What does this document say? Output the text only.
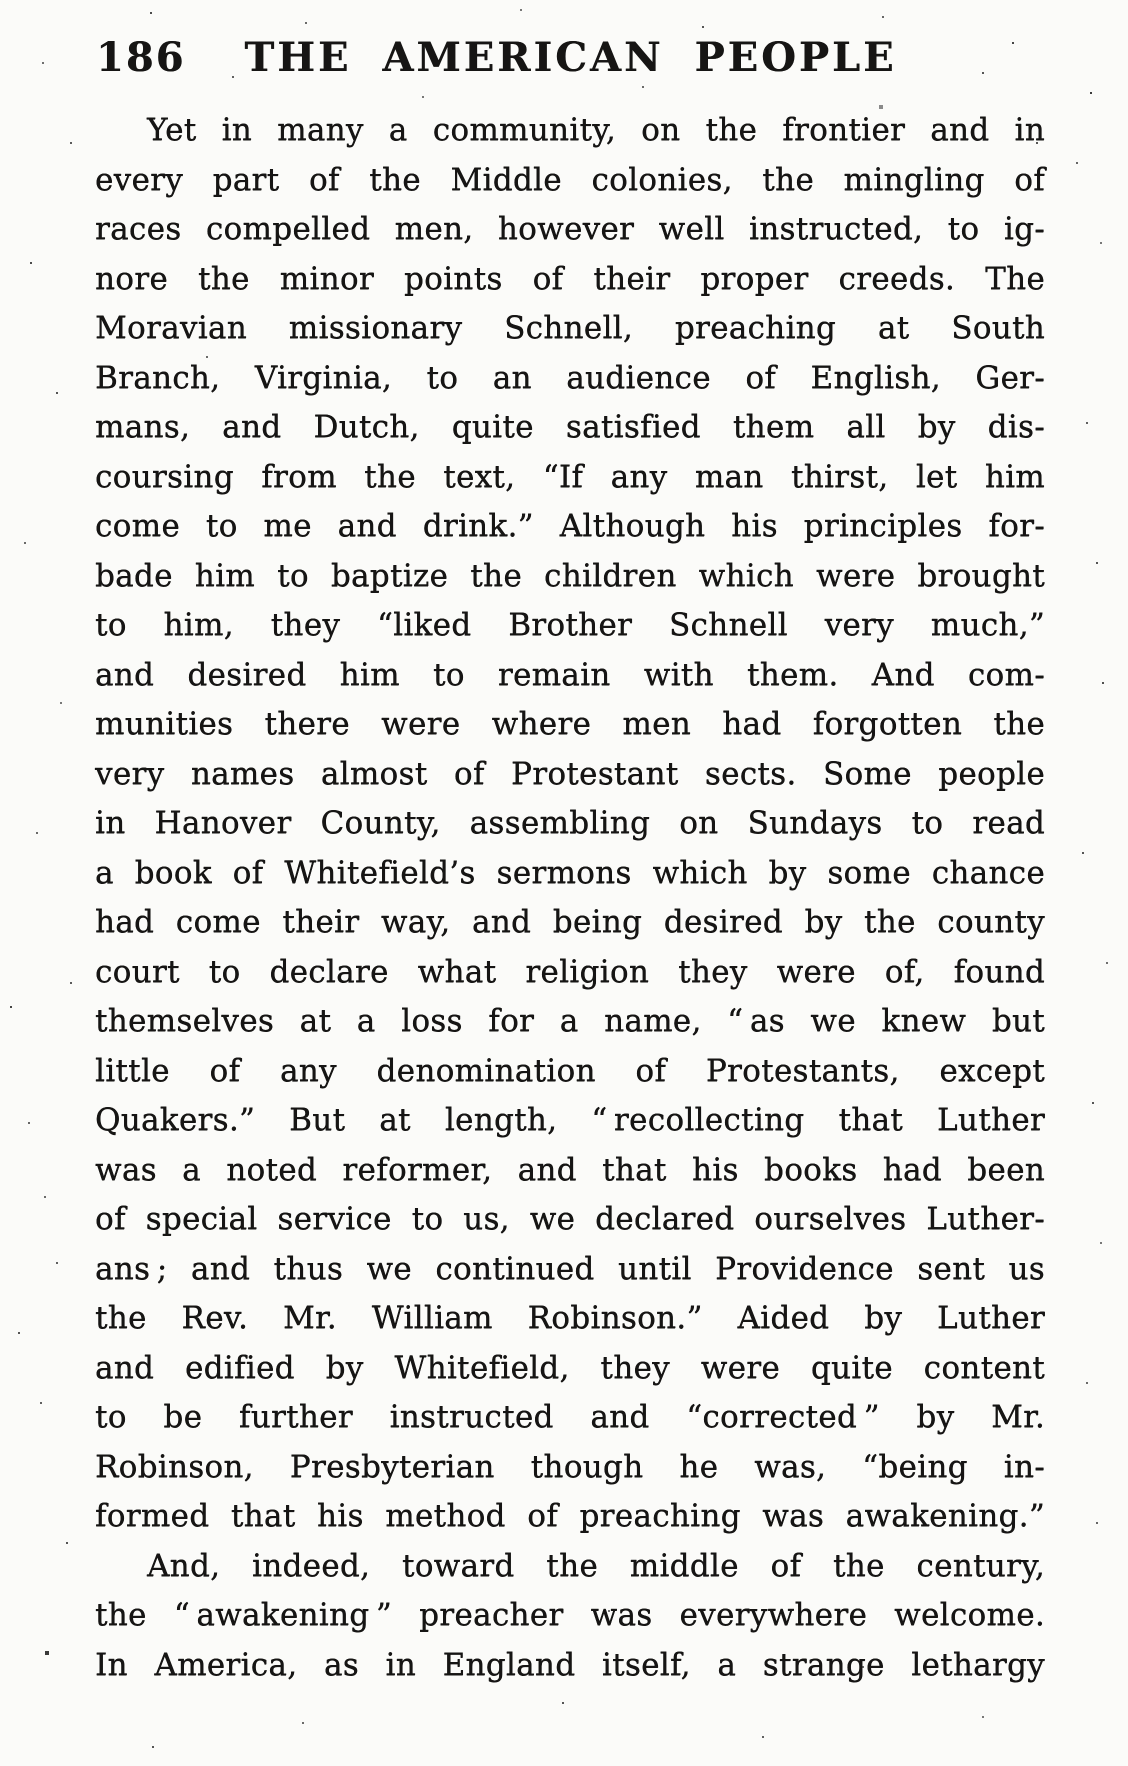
186 THE AMERICAN PEOPLE
Yet in many a community, on the frontier and in
every part of the Middle colonies, the mingling of
races compelled men, however well instructed, to ig-
nore the minor points of their proper creeds. The
Moravian missionary Schnell, preaching at South
Branch, Virginia, to an audience of English, Ger-
mans, and Dutch, quite satisfied them all by dis-
coursing from the text, “If any man thirst, let him
come to me and drink.” Although his principles for-
bade him to baptize the children which were brought
to him, they “liked Brother Schnell very much,”
and desired him to remain with them. And com-
munities there were where men had forgotten the
very names almost of Protestant sects. Some people
in Hanover County, assembling on Sundays to read
a book of Whitefield’s sermons which by some chance
had come their way, and being desired by the county
court to declare what religion they were of, found
themselves at a loss for a name, “ as we knew but
little of any denomination of Protestants, except
Quakers.” But at length, “ recollecting that Luther
was a noted reformer, and that his books had been
of special service to us, we declared ourselves Luther-
ans ; and thus we continued until Providence sent us
the Rev. Mr. William Robinson.” Aided by Luther
and edified by Whitefield, they were quite content
to be further instructed and “corrected ” by Mr.
Robinson, Presbyterian though he was, “being in-
formed that his method of preaching was awakening.”
And, indeed, toward the middle of the century,
the “ awakening ” preacher was everywhere welcome.
In America, as in England itself, a strange lethargy
